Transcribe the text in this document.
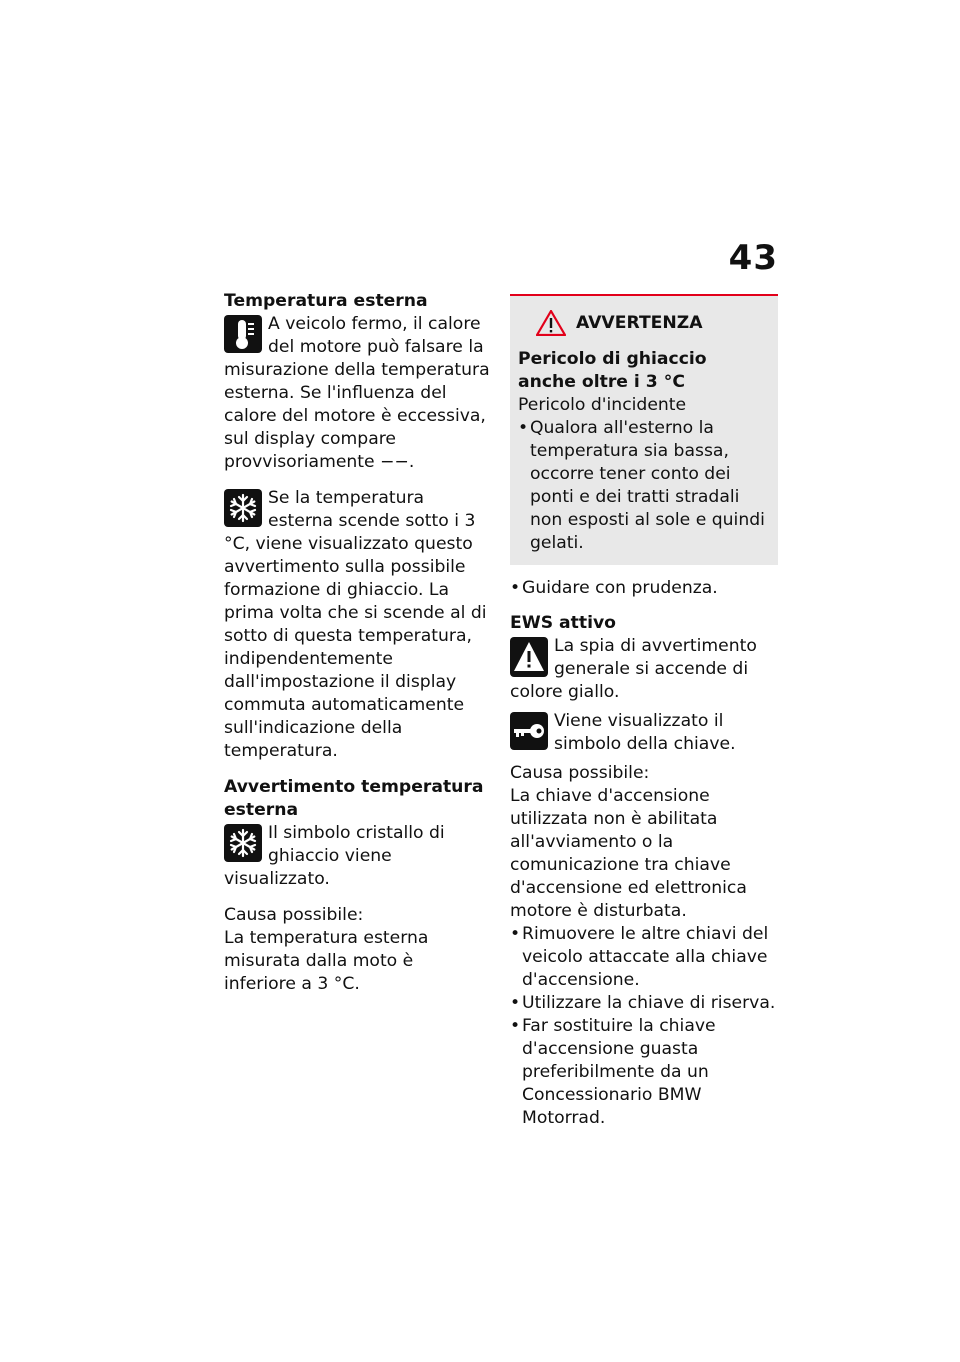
43
Temperatura esterna

A veicolo fermo, il calore del motore può falsare la misurazione della temperatura esterna. Se l'influenza del calore del motore è eccessiva, sul display compare provvisoriamente −−.

Se la temperatura esterna scende sotto i 3 °C, viene visualizzato questo avvertimento sulla possibile formazione di ghiaccio. La prima volta che si scende al di sotto di questa temperatura, indipendentemente dall'impostazione il display commuta automaticamente sull'indicazione della temperatura.

Avvertimento temperatura esterna

Il simbolo cristallo di ghiaccio viene visualizzato.

Causa possibile:

La temperatura esterna misurata dalla moto è inferiore a 3 °C.

AVVERTENZA
Pericolo di ghiaccio anche oltre i 3 °C

Pericolo d'incidente

• Qualora all'esterno la temperatura sia bassa, occorre tener conto dei ponti e dei tratti stradali non esposti al sole e quindi gelati.
• Guidare con prudenza.
EWS attivo

La spia di avvertimento generale si accende di colore giallo.

Viene visualizzato il simbolo della chiave.

Causa possibile:

La chiave d'accensione utilizzata non è abilitata all'avviamento o la comunicazione tra chiave d'accensione ed elettronica motore è disturbata.

• Rimuovere le altre chiavi del veicolo attaccate alla chiave d'accensione.
• Utilizzare la chiave di riserva.
• Far sostituire la chiave d'accensione guasta preferibilmente da un Concessionario BMW Motorrad.
